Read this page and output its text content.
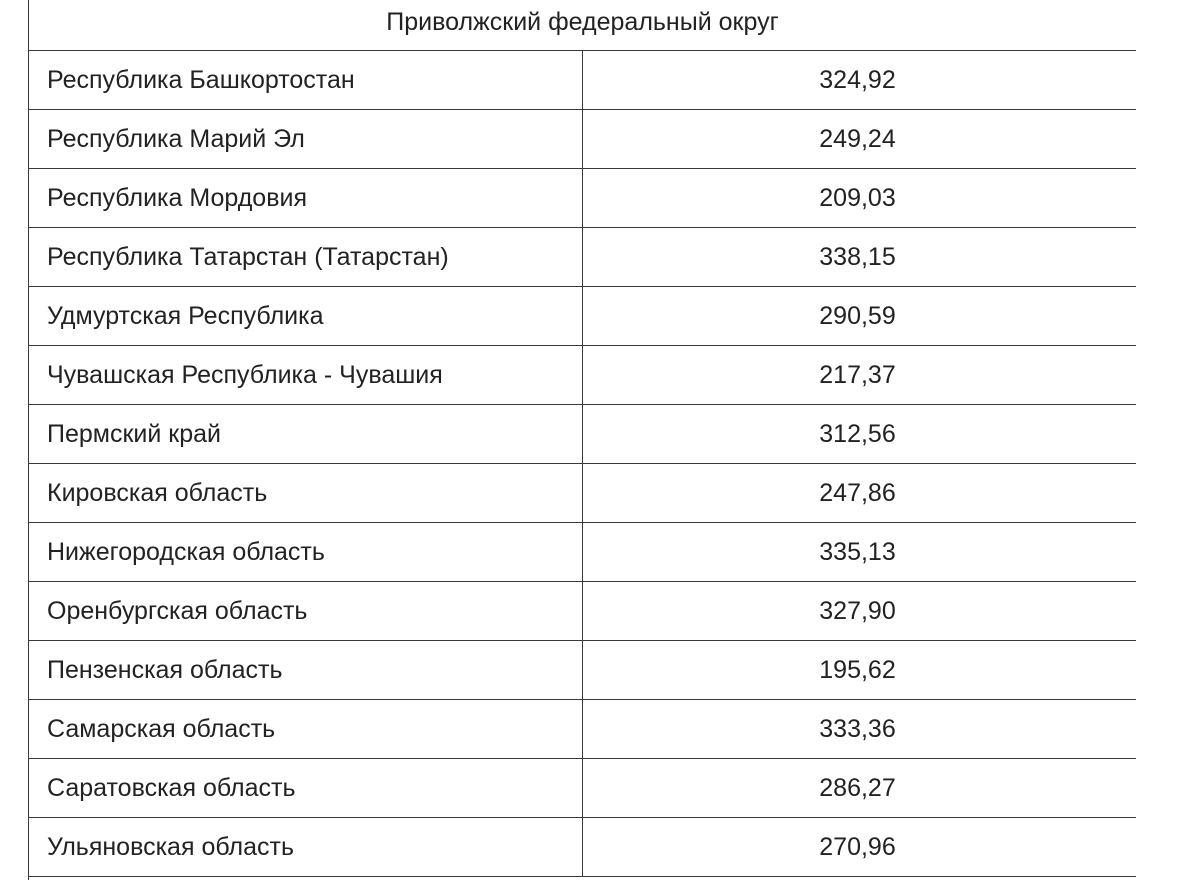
Приволжский федеральный округ	
Республика Башкортостан	324,92
Республика Марий Эл	249,24
Республика Мордовия	209,03
Республика Татарстан (Татарстан)	338,15
Удмуртская Республика	290,59
Чувашская Республика - Чувашия	217,37
Пермский край	312,56
Кировская область	247,86
Нижегородская область	335,13
Оренбургская область	327,90
Пензенская область	195,62
Самарская область	333,36
Саратовская область	286,27
Ульяновская область	270,96
